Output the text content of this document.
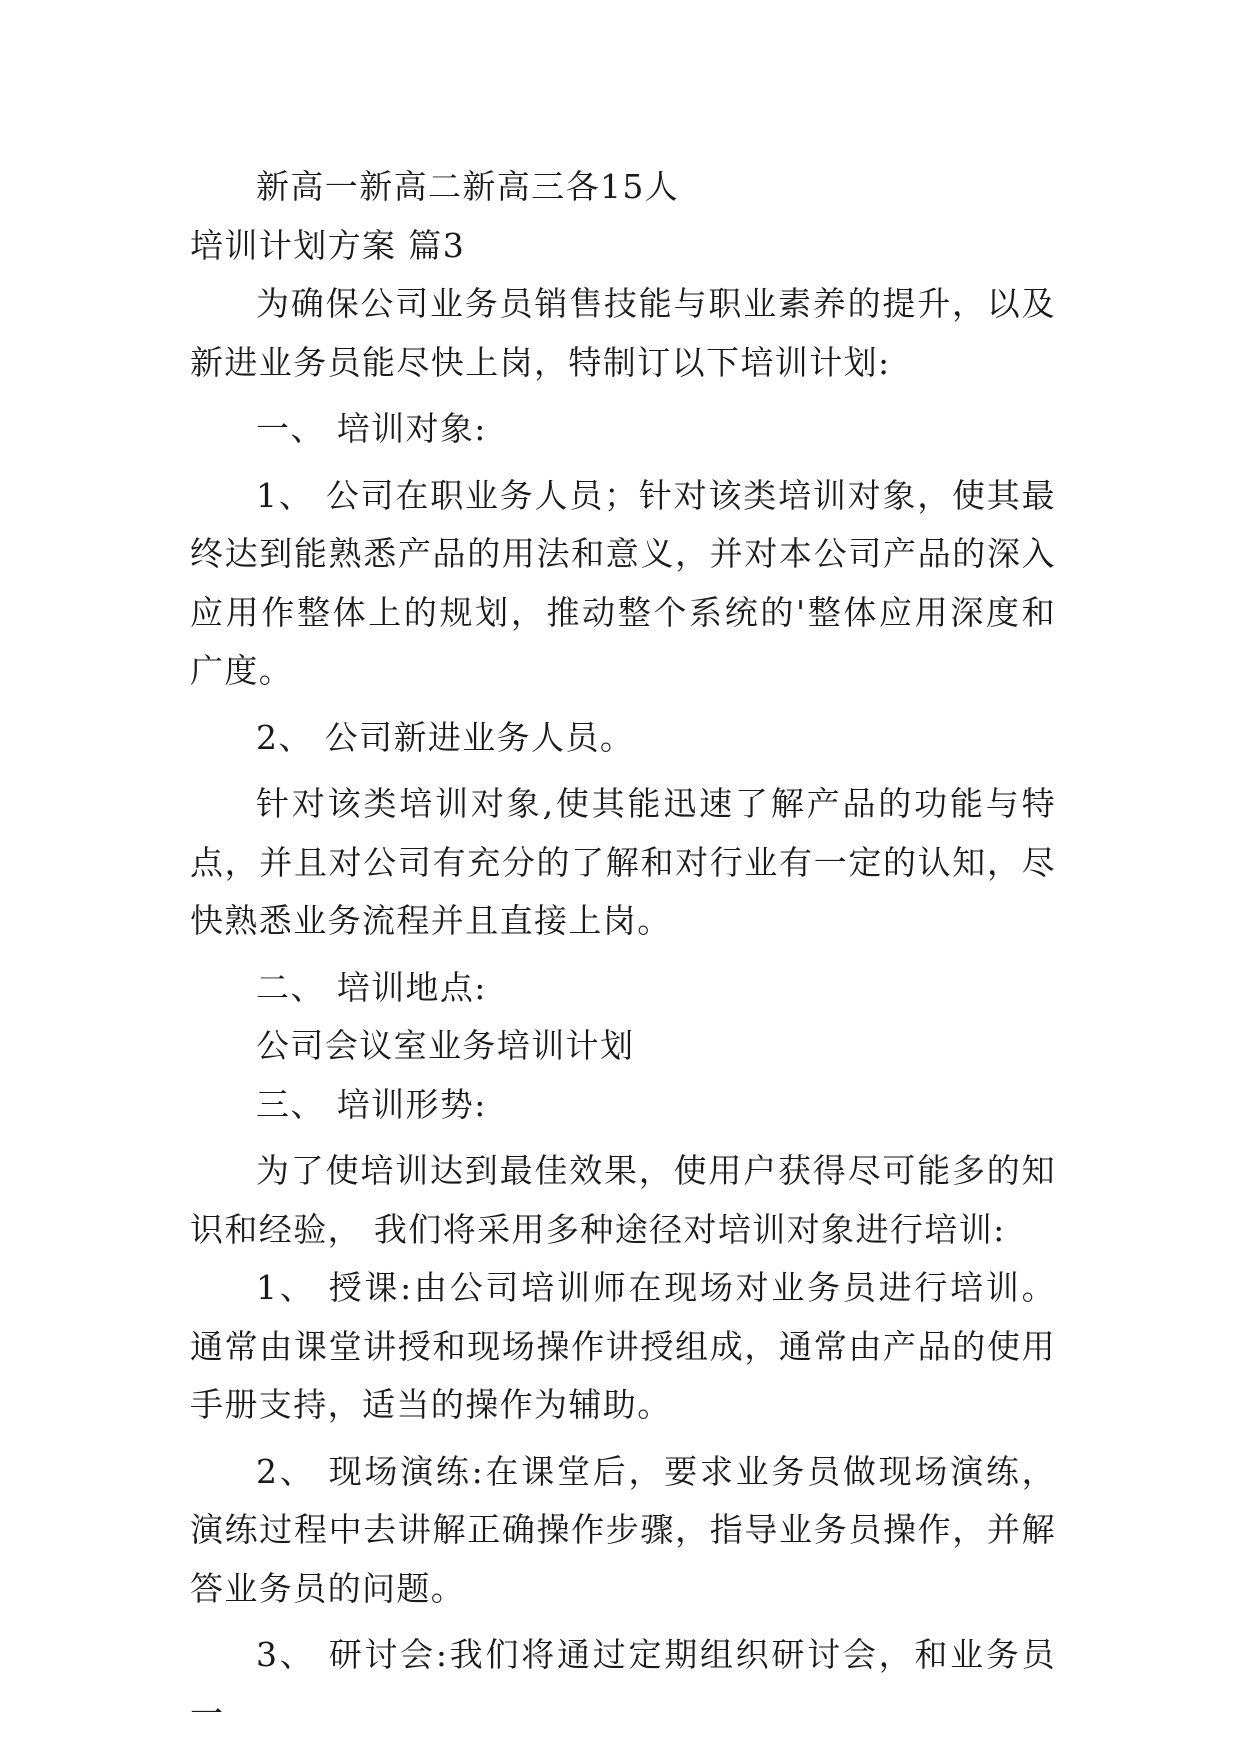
新高一新高二新高三各15人

培训计划方案 篇3

为确保公司业务员销售技能与职业素养的提升，以及新进业务员能尽快上岗，特制订以下培训计划:

一、 培训对象:

1、 公司在职业务人员；针对该类培训对象，使其最终达到能熟悉产品的用法和意义，并对本公司产品的深入应用作整体上的规划，推动整个系统的'整体应用深度和广度。

2、 公司新进业务人员。

针对该类培训对象,使其能迅速了解产品的功能与特点，并且对公司有充分的了解和对行业有一定的认知，尽快熟悉业务流程并且直接上岗。

二、 培训地点:

公司会议室业务培训计划

三、 培训形势:

为了使培训达到最佳效果，使用户获得尽可能多的知识和经验， 我们将采用多种途径对培训对象进行培训:

1、 授课:由公司培训师在现场对业务员进行培训。通常由课堂讲授和现场操作讲授组成，通常由产品的使用手册支持，适当的操作为辅助。

2、 现场演练:在课堂后，要求业务员做现场演练，演练过程中去讲解正确操作步骤，指导业务员操作，并解答业务员的问题。

3、 研讨会:我们将通过定期组织研讨会，和业务员一
